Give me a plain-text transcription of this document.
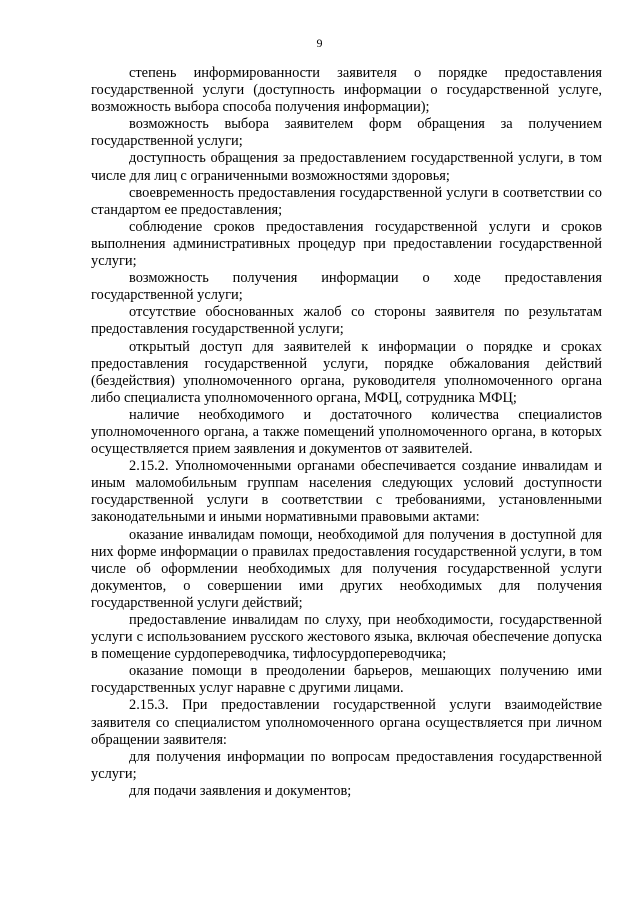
9

степень информированности заявителя о порядке предоставления государственной услуги (доступность информации о государственной услуге, возможность выбора способа получения информации);

возможность выбора заявителем форм обращения за получением государственной услуги;

доступность обращения за предоставлением государственной услуги, в том числе для лиц с ограниченными возможностями здоровья;

своевременность предоставления государственной услуги в соответствии со стандартом ее предоставления;

соблюдение сроков предоставления государственной услуги и сроков выполнения административных процедур при предоставлении государственной услуги;

возможность получения информации о ходе предоставления государственной услуги;

отсутствие обоснованных жалоб со стороны заявителя по результатам предоставления государственной услуги;

открытый доступ для заявителей к информации о порядке и сроках предоставления государственной услуги, порядке обжалования действий (бездействия) уполномоченного органа, руководителя уполномоченного органа либо специалиста уполномоченного органа, МФЦ, сотрудника МФЦ;

наличие необходимого и достаточного количества специалистов уполномоченного органа, а также помещений уполномоченного органа, в которых осуществляется прием заявления и документов от заявителей.

2.15.2. Уполномоченными органами обеспечивается создание инвалидам и иным маломобильным группам населения следующих условий доступности государственной услуги в соответствии с требованиями, установленными законодательными и иными нормативными правовыми актами:

оказание инвалидам помощи, необходимой для получения в доступной для них форме информации о правилах предоставления государственной услуги, в том числе об оформлении необходимых для получения государственной услуги документов, о совершении ими других необходимых для получения государственной услуги действий;

предоставление инвалидам по слуху, при необходимости, государственной услуги с использованием русского жестового языка, включая обеспечение допуска в помещение сурдопереводчика, тифлосурдопереводчика;

оказание помощи в преодолении барьеров, мешающих получению ими государственных услуг наравне с другими лицами.

2.15.3. При предоставлении государственной услуги взаимодействие заявителя со специалистом уполномоченного органа осуществляется при личном обращении заявителя:

для получения информации по вопросам предоставления государственной услуги;

для подачи заявления и документов;
